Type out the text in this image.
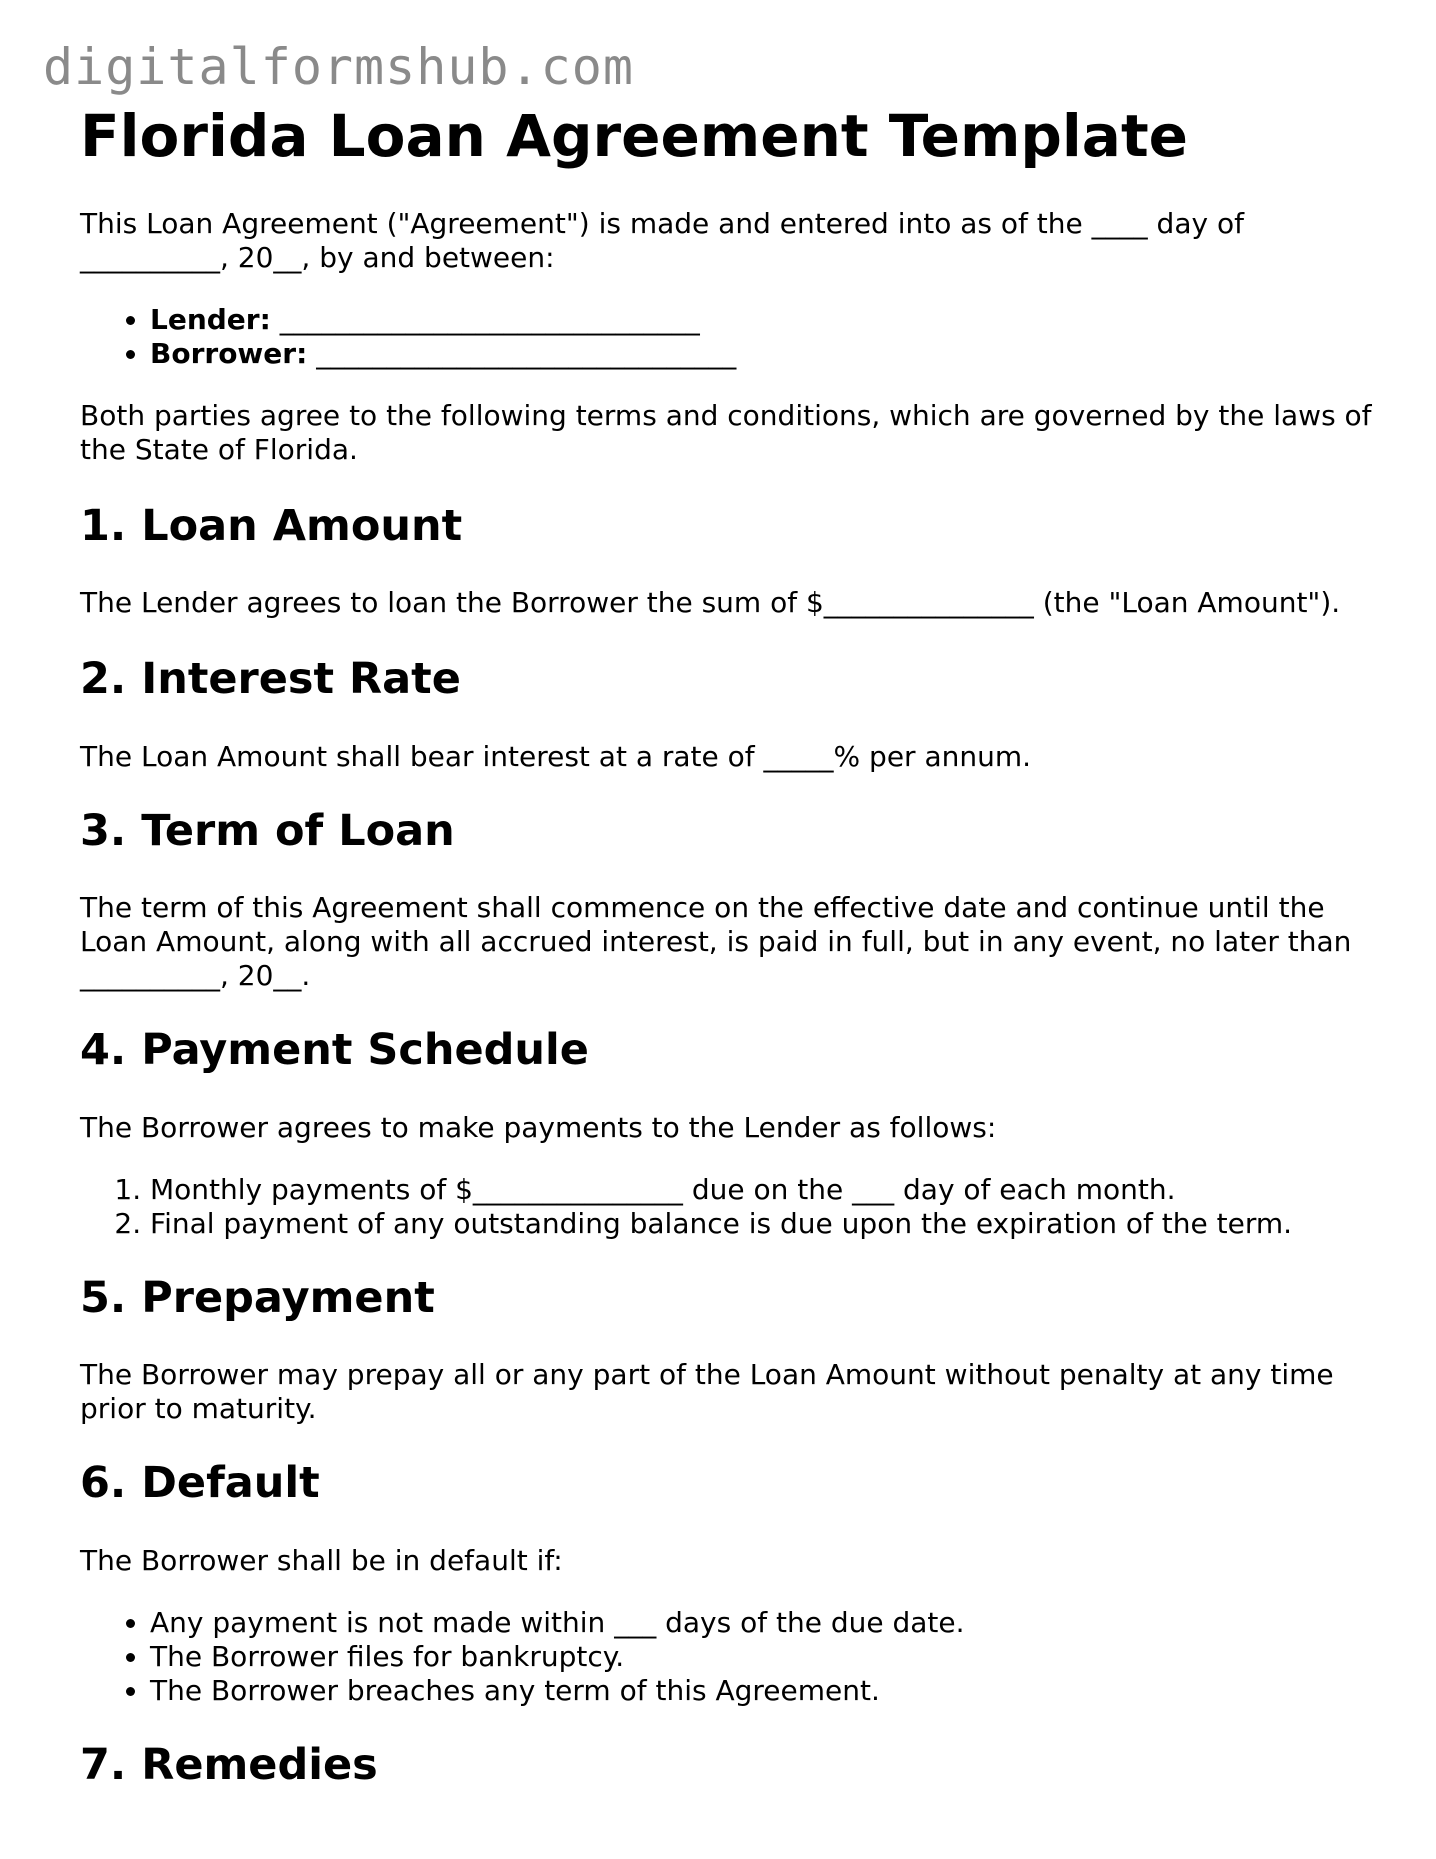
digitalformshub.com
Florida Loan Agreement Template

This Loan Agreement ("Agreement") is made and entered into as of the ____ day of __________, 20__, by and between:

• Lender: ______________________________
• Borrower: ______________________________

Both parties agree to the following terms and conditions, which are governed by the laws of the State of Florida.

1. Loan Amount

The Lender agrees to loan the Borrower the sum of $_______________ (the "Loan Amount").

2. Interest Rate

The Loan Amount shall bear interest at a rate of _____% per annum.

3. Term of Loan

The term of this Agreement shall commence on the effective date and continue until the Loan Amount, along with all accrued interest, is paid in full, but in any event, no later than __________, 20__.

4. Payment Schedule

The Borrower agrees to make payments to the Lender as follows:

1. Monthly payments of $_______________ due on the ___ day of each month.
2. Final payment of any outstanding balance is due upon the expiration of the term.
5. Prepayment

The Borrower may prepay all or any part of the Loan Amount without penalty at any time prior to maturity.

6. Default

The Borrower shall be in default if:

• Any payment is not made within ___ days of the due date.
• The Borrower files for bankruptcy.
• The Borrower breaches any term of this Agreement.
7. Remedies
